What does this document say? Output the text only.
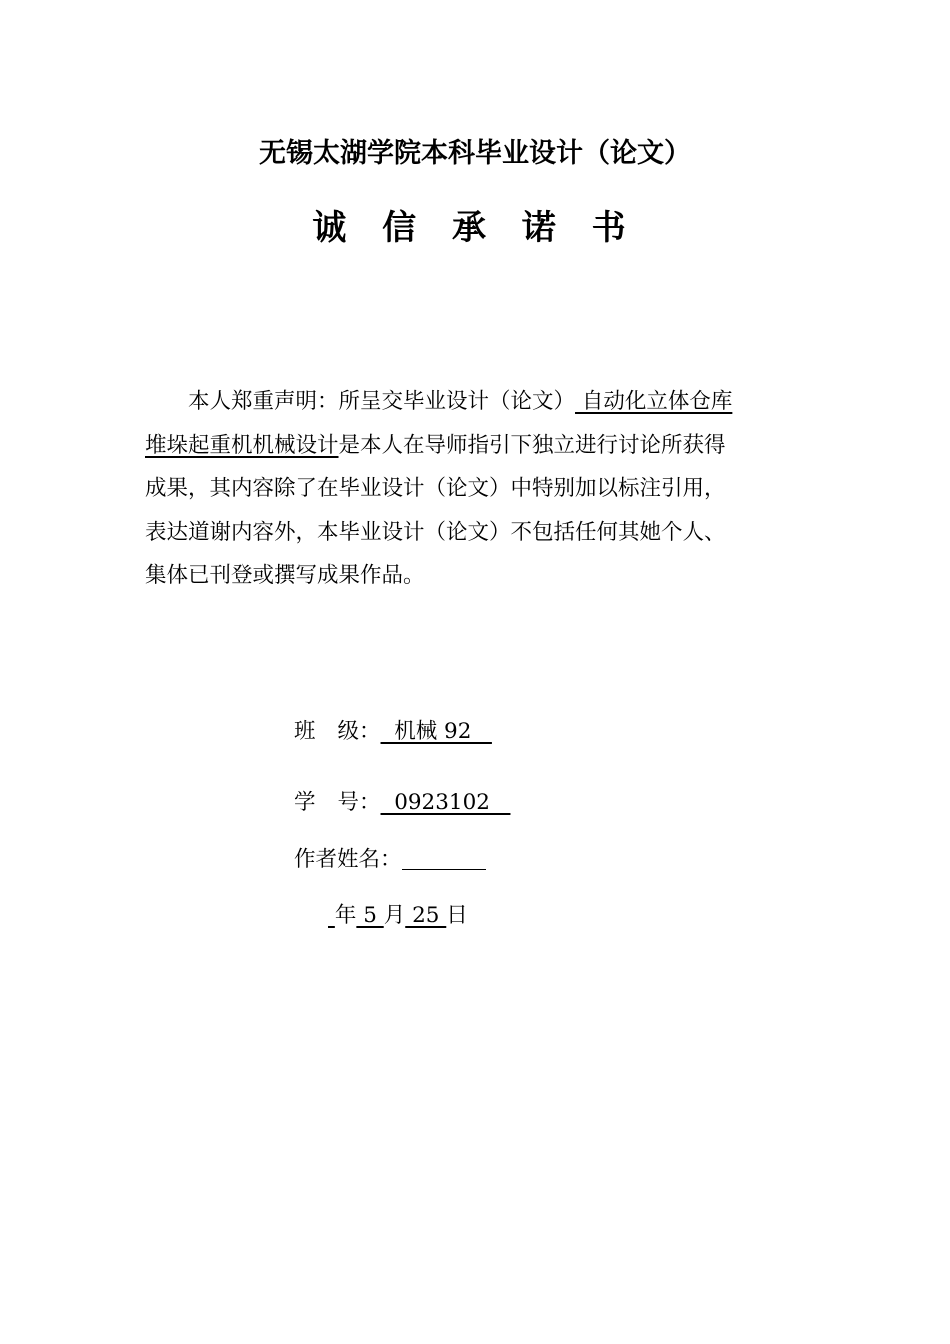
无锡太湖学院本科毕业设计（论文）
诚 信 承 诺 书
本人郑重声明：所呈交毕业设计（论文） 自动化立体仓库
堆垛起重机机械设计是本人在导师指引下独立进行讨论所获得
成果，其内容除了在毕业设计（论文）中特别加以标注引用，
表达道谢内容外，本毕业设计（论文）不包括任何其她个人、
集体已刊登或撰写成果作品。
班 级：  机械 92
学 号：  0923102
作者姓名：
年 5 月 25 日
